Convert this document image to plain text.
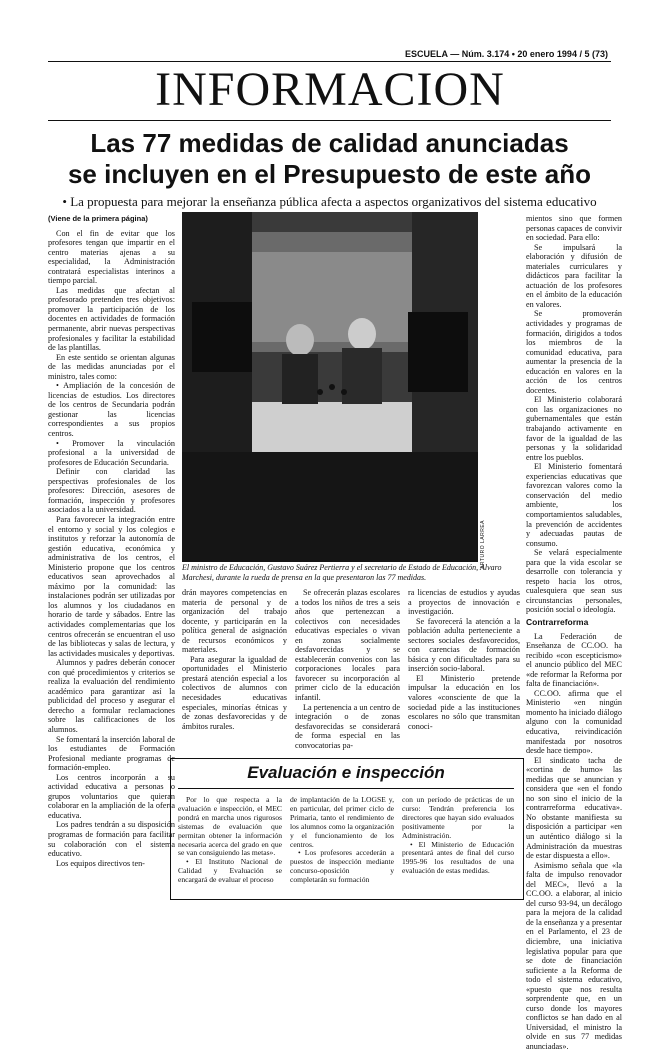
ESCUELA — Núm. 3.174 • 20 enero 1994 / 5 (73)
INFORMACION
Las 77 medidas de calidad anunciadas
se incluyen en el Presupuesto de este año
• La propuesta para mejorar la enseñanza pública afecta a aspectos organizativos del sistema educativo

(Viene de la primera página)

Con el fin de evitar que los profesores tengan que impartir en el centro materias ajenas a su especialidad, la Administración contratará especialistas interinos a tiempo parcial.

Las medidas que afectan al profesorado pretenden tres objetivos: promover la participación de los docentes en actividades de formación permanente, abrir nuevas perspectivas profesionales y facilitar la estabilidad de las plantillas.

En este sentido se orientan algunas de las medidas anunciadas por el ministro, tales como:

• Ampliación de la concesión de licencias de estudios. Los directores de los centros de Secundaria podrán gestionar las licencias correspondientes a sus propios centros.

• Promover la vinculación profesional a la universidad de profesores de Educación Secundaria.

Definir con claridad las perspectivas profesionales de los profesores: Dirección, asesores de formación, inspección y profesores asociados a la universidad.

Para favorecer la integración entre el entorno y social y los colegios e institutos y reforzar la autonomía de gestión educativa, económica y administrativa de los centros, el Ministerio propone que los centros educativos sean aprovechados al máximo por la comunidad: las instalaciones podrán ser utilizadas por los alumnos y los ciudadanos en horario de tarde y sábados. Entre las actividades complementarias que los centros ofrecerán se encuentran el uso de las bibliotecas y salas de lectura, y las actividades musicales y deportivas.

Alumnos y padres deberán conocer con qué procedimientos y criterios se realiza la evaluación del rendimiento académico para garantizar así la publicidad del proceso y asegurar el derecho a formular reclamaciones sobre las calificaciones de los alumnos.

Se fomentará la inserción laboral de los estudiantes de Formación Profesional mediante programas de formación-empleo.

Los centros incorporán a su actividad educativa a personas o grupos voluntarios que quieran colaborar en la ampliación de la oferta educativa.

Los padres tendrán a su disposición programas de formación para facilitar su colaboración con el sistema educativo.

Los equipos directivos ten-

ARTURO LARREA
El ministro de Educación, Gustavo Suárez Pertierra y el secretario de Estado de Educación, Alvaro Marchesi, durante la rueda de prensa en la que presentaron las 77 medidas.

drán mayores competencias en materia de personal y de organización del trabajo docente, y participarán en la política general de asignación de recursos económicos y materiales.

Para asegurar la igualdad de oportunidades el Ministerio prestará atención especial a los colectivos de alumnos con necesidades educativas especiales, minorías étnicas y de zonas desfavorecidas y de ámbitos rurales.

Se ofrecerán plazas escolares a todos los niños de tres a seis años que pertenezcan a colectivos con necesidades educativas especiales o vivan en zonas socialmente desfavorecidas y se establecerán convenios con las corporaciones locales para favorecer su incorporación al primer ciclo de la educación infantil.

La pertenencia a un centro de integración o de zonas desfavorecidas se considerará de forma especial en las convocatorias pa-

ra licencias de estudios y ayudas a proyectos de innovación e investigación.

Se favorecerá la atención a la población adulta perteneciente a sectores sociales desfavorecidos, con carencias de formación básica y con dificultades para su inserción socio-laboral.

El Ministerio pretende impulsar la educación en los valores «consciente de que la sociedad pide a las instituciones escolares no sólo que transmitan conoci-

mientos sino que formen personas capaces de convivir en sociedad. Para ello:

Se impulsará la elaboración y difusión de materiales curriculares y didácticos para facilitar la actuación de los profesores en el ámbito de la educación en valores.

Se promoverán actividades y programas de formación, dirigidos a todos los miembros de la comunidad educativa, para aumentar la presencia de la educación en valores en la acción de los centros docentes.

El Ministerio colaborará con las organizaciones no gubernamentales que están trabajando activamente en favor de la igualdad de las personas y la solidaridad entre los pueblos.

El Ministerio fomentará experiencias educativas que favorezcan valores como la conservación del medio ambiente, los comportamientos saludables, la prevención de accidentes y adecuadas pautas de consumo.

Se velará especialmente para que la vida escolar se desarrolle con tolerancia y respeto hacia los otros, cualesquiera que sean sus circunstancias personales, posición social o ideología.

Contrarreforma

La Federación de Enseñanza de CC.OO. ha recibido «con escepticismo» el anuncio público del MEC «de reformar la Reforma por falta de financiación».

CC.OO. afirma que el Ministerio «en ningún momento ha iniciado diálogo alguno con la comunidad educativa, reivindicación manifestada por nosotros desde hace tiempo».

El sindicato tacha de «cortina de humo» las medidas que se anuncian y considera que «en el fondo no son sino el inicio de la contrarreforma educativa». No obstante manifiesta su disposición a participar «en un auténtico diálogo si la Administración da muestras de estar dispuesta a ello».

Asimismo señala que «la falta de impulso renovador del MEC», llevó a la CC.OO. a elaborar, al inicio del curso 93-94, un decálogo para la mejora de la calidad de la enseñanza y a presentar en el Parlamento, el 23 de diciembre, una iniciativa legislativa popular para que se dote de financiación suficiente a la Reforma de todo el sistema educativo, «puesto que nos resulta sorprendente que, en un curso donde los mayores conflictos se han dado en al Universidad, el ministro la olvide en sus 77 medidas anunciadas».

Evaluación e inspección

Por lo que respecta a la evaluación e inspección, el MEC pondrá en marcha unos rigurosos sistemas de evaluación que permitan obtener la información necesaria acerca del grado en que se van consiguiendo las metas».

• El Instituto Nacional de Calidad y Evaluación se encargará de evaluar el proceso

de implantación de la LOGSE y, en particular, del primer ciclo de Primaria, tanto el rendimiento de los alumnos como la organización y el funcionamiento de los centros.

• Los profesores accederán a puestos de inspección mediante concurso-oposición y completarán su formación

con un período de prácticas de un curso: Tendrán preferencia los directores que hayan sido evaluados positivamente por la Administración.

• El Ministerio de Educación presentará antes de final del curso 1995-96 los resultados de una evaluación de estas medidas.
